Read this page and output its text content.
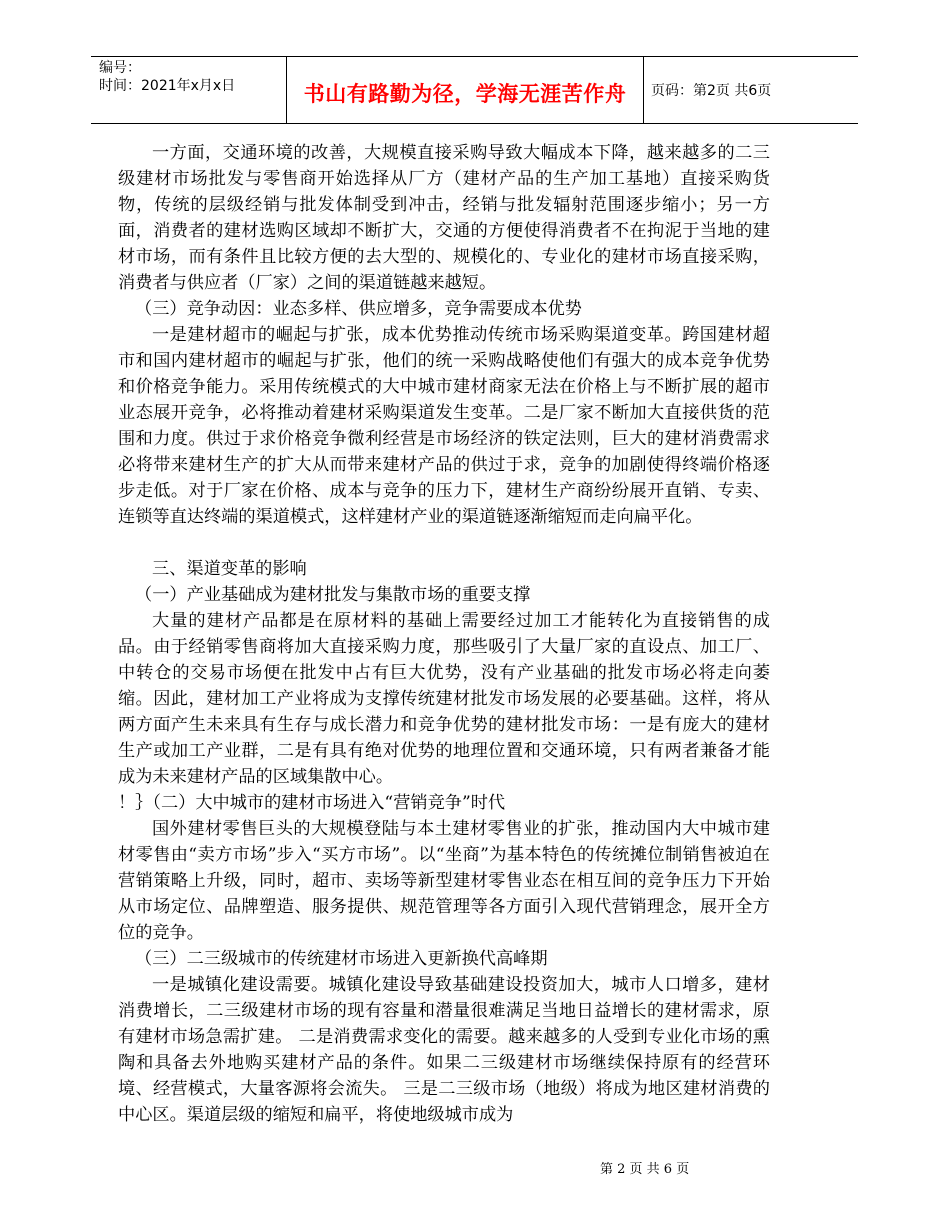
编号：
时间：2021年x月x日	书山有路勤为径，学海无涯苦作舟	页码：第2页 共6页

一方面，交通环境的改善，大规模直接采购导致大幅成本下降，越来越多的二三级建材市场批发与零售商开始选择从厂方（建材产品的生产加工基地）直接采购货物，传统的层级经销与批发体制受到冲击，经销与批发辐射范围逐步缩小；另一方面，消费者的建材选购区域却不断扩大，交通的方便使得消费者不在拘泥于当地的建材市场，而有条件且比较方便的去大型的、规模化的、专业化的建材市场直接采购，消费者与供应者（厂家）之间的渠道链越来越短。

（三）竞争动因：业态多样、供应增多，竞争需要成本优势

一是建材超市的崛起与扩张，成本优势推动传统市场采购渠道变革。跨国建材超市和国内建材超市的崛起与扩张，他们的统一采购战略使他们有强大的成本竞争优势和价格竞争能力。采用传统模式的大中城市建材商家无法在价格上与不断扩展的超市业态展开竞争，必将推动着建材采购渠道发生变革。二是厂家不断加大直接供货的范围和力度。供过于求价格竞争微利经营是市场经济的铁定法则，巨大的建材消费需求必将带来建材生产的扩大从而带来建材产品的供过于求，竞争的加剧使得终端价格逐步走低。对于厂家在价格、成本与竞争的压力下，建材生产商纷纷展开直销、专卖、连锁等直达终端的渠道模式，这样建材产业的渠道链逐渐缩短而走向扁平化。

三、渠道变革的影响

（一）产业基础成为建材批发与集散市场的重要支撑

大量的建材产品都是在原材料的基础上需要经过加工才能转化为直接销售的成品。由于经销零售商将加大直接采购力度，那些吸引了大量厂家的直设点、加工厂、中转仓的交易市场便在批发中占有巨大优势，没有产业基础的批发市场必将走向萎缩。因此，建材加工产业将成为支撑传统建材批发市场发展的必要基础。这样，将从两方面产生未来具有生存与成长潜力和竞争优势的建材批发市场：一是有庞大的建材生产或加工产业群，二是有具有绝对优势的地理位置和交通环境，只有两者兼备才能成为未来建材产品的区域集散中心。

！｝（二）大中城市的建材市场进入“营销竞争”时代

国外建材零售巨头的大规模登陆与本土建材零售业的扩张，推动国内大中城市建材零售由“卖方市场”步入“买方市场”。以“坐商”为基本特色的传统摊位制销售被迫在营销策略上升级，同时，超市、卖场等新型建材零售业态在相互间的竞争压力下开始从市场定位、品牌塑造、服务提供、规范管理等各方面引入现代营销理念，展开全方位的竞争。

（三）二三级城市的传统建材市场进入更新换代高峰期

一是城镇化建设需要。城镇化建设导致基础建设投资加大，城市人口增多，建材消费增长，二三级建材市场的现有容量和潜量很难满足当地日益增长的建材需求，原有建材市场急需扩建。 二是消费需求变化的需要。越来越多的人受到专业化市场的熏陶和具备去外地购买建材产品的条件。如果二三级建材市场继续保持原有的经营环境、经营模式，大量客源将会流失。 三是二三级市场（地级）将成为地区建材消费的中心区。渠道层级的缩短和扁平，将使地级城市成为

第 2 页 共 6 页
